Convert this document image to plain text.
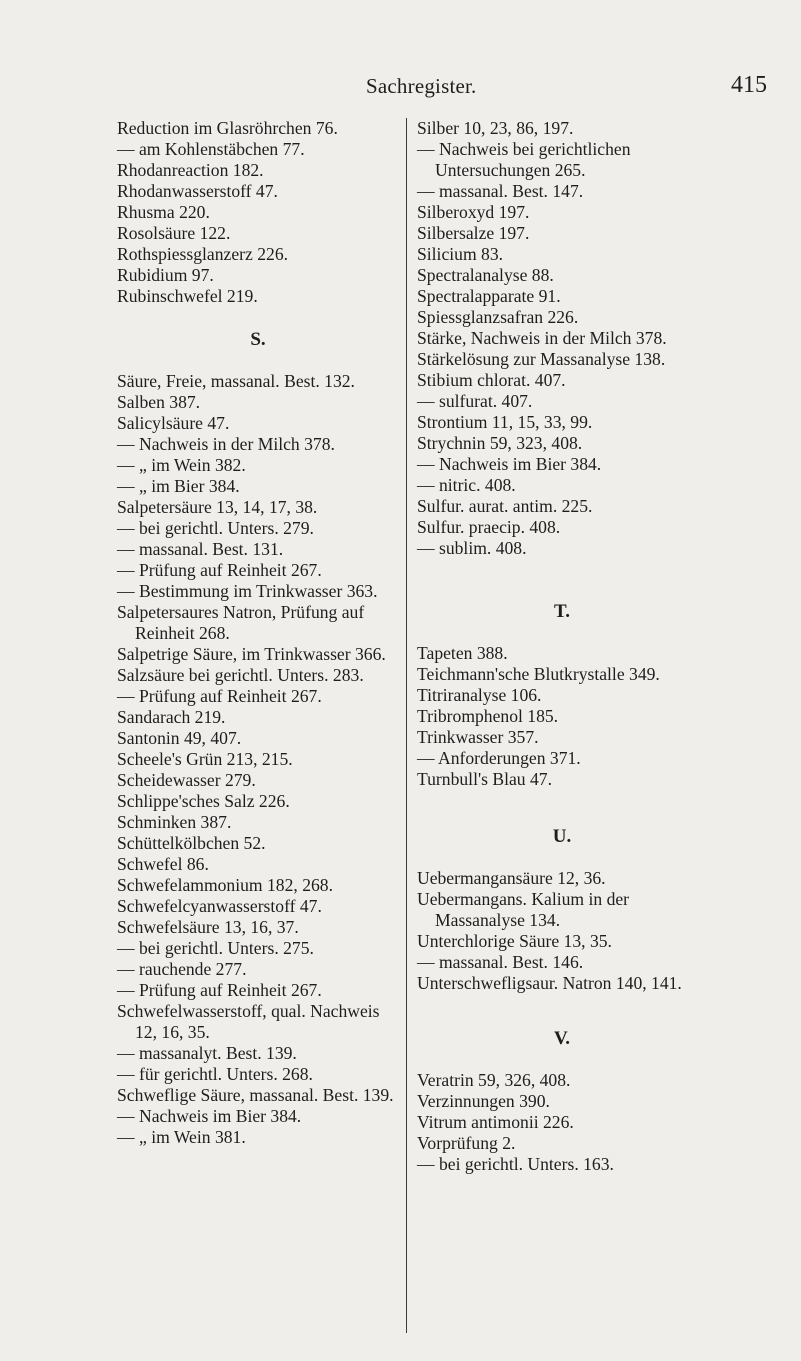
Sachregister.	415

Reduction im Glasröhrchen 76.

— am Kohlenstäbchen 77.

Rhodanreaction 182.

Rhodanwasserstoff 47.

Rhusma 220.

Rosolsäure 122.

Rothspiessglanzerz 226.

Rubidium 97.

Rubinschwefel 219.

S.

Säure, Freie, massanal. Best. 132.

Salben 387.

Salicylsäure 47.

— Nachweis in der Milch 378.

— „ im Wein 382.

— „ im Bier 384.

Salpetersäure 13, 14, 17, 38.

— bei gerichtl. Unters. 279.

— massanal. Best. 131.

— Prüfung auf Reinheit 267.

— Bestimmung im Trinkwasser 363.

Salpetersaures Natron, Prüfung auf Reinheit 268.

Salpetrige Säure, im Trinkwasser 366.

Salzsäure bei gerichtl. Unters. 283.

— Prüfung auf Reinheit 267.

Sandarach 219.

Santonin 49, 407.

Scheele's Grün 213, 215.

Scheidewasser 279.

Schlippe'sches Salz 226.

Schminken 387.

Schüttelkölbchen 52.

Schwefel 86.

Schwefelammonium 182, 268.

Schwefelcyanwasserstoff 47.

Schwefelsäure 13, 16, 37.

— bei gerichtl. Unters. 275.

— rauchende 277.

— Prüfung auf Reinheit 267.

Schwefelwasserstoff, qual. Nachweis 12, 16, 35.

— massanalyt. Best. 139.

— für gerichtl. Unters. 268.

Schweflige Säure, massanal. Best. 139.

— Nachweis im Bier 384.

— „ im Wein 381.

Silber 10, 23, 86, 197.

— Nachweis bei gerichtlichen Untersuchungen 265.

— massanal. Best. 147.

Silberoxyd 197.

Silbersalze 197.

Silicium 83.

Spectralanalyse 88.

Spectralapparate 91.

Spiessglanzsafran 226.

Stärke, Nachweis in der Milch 378.

Stärkelösung zur Massanalyse 138.

Stibium chlorat. 407.

— sulfurat. 407.

Strontium 11, 15, 33, 99.

Strychnin 59, 323, 408.

— Nachweis im Bier 384.

— nitric. 408.

Sulfur. aurat. antim. 225.

Sulfur. praecip. 408.

— sublim. 408.

T.

Tapeten 388.

Teichmann'sche Blutkrystalle 349.

Titriranalyse 106.

Tribromphenol 185.

Trinkwasser 357.

— Anforderungen 371.

Turnbull's Blau 47.

U.

Uebermangansäure 12, 36.

Uebermangans. Kalium in der Massanalyse 134.

Unterchlorige Säure 13, 35.

— massanal. Best. 146.

Unterschwefligsaur. Natron 140, 141.

V.

Veratrin 59, 326, 408.

Verzinnungen 390.

Vitrum antimonii 226.

Vorprüfung 2.

— bei gerichtl. Unters. 163.
